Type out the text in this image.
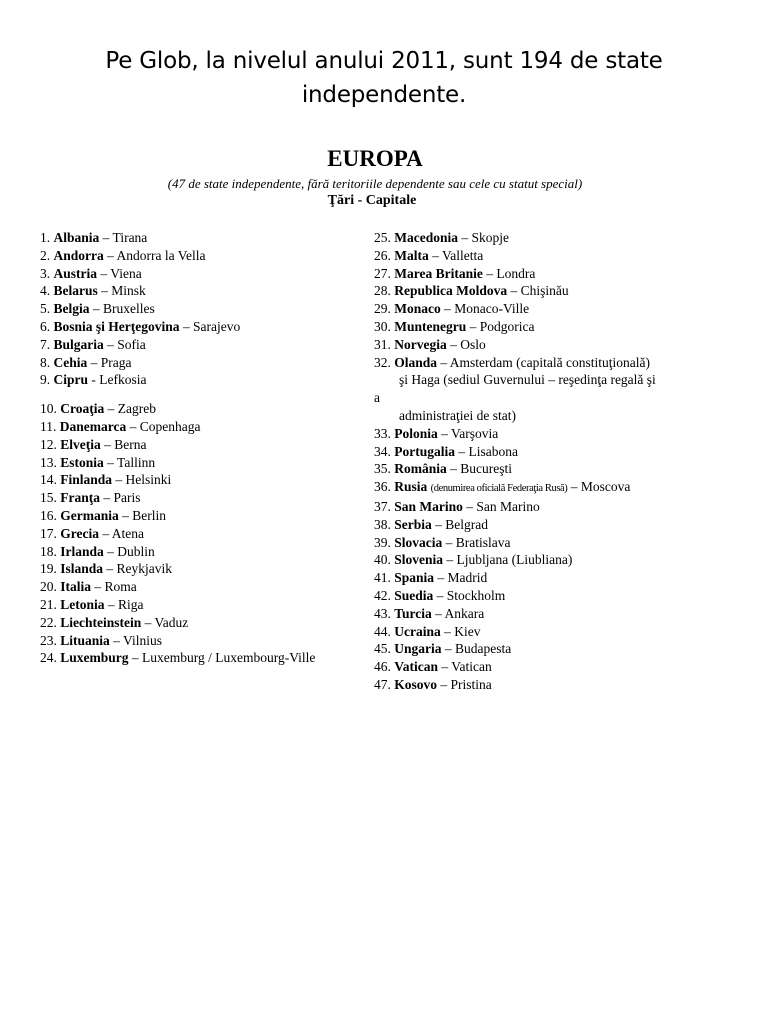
Pe Glob, la nivelul anului 2011, sunt 194 de state
independente.
EUROPA
(47 de state independente, fără teritoriile dependente sau cele cu statut special)
Ţări - Capitale
1. Albania – Tirana
2. Andorra – Andorra la Vella
3. Austria – Viena
4. Belarus – Minsk
5. Belgia – Bruxelles
6. Bosnia şi Herţegovina – Sarajevo
7. Bulgaria – Sofia
8. Cehia – Praga
9. Cipru - Lefkosia
10. Croaţia – Zagreb
11. Danemarca – Copenhaga
12. Elveţia – Berna
13. Estonia – Tallinn
14. Finlanda – Helsinki
15. Franţa – Paris
16. Germania – Berlin
17. Grecia – Atena
18. Irlanda – Dublin
19. Islanda – Reykjavik
20. Italia – Roma
21. Letonia – Riga
22. Liechteinstein – Vaduz
23. Lituania – Vilnius
24. Luxemburg – Luxemburg / Luxembourg-Ville
25. Macedonia – Skopje
26. Malta – Valletta
27. Marea Britanie – Londra
28. Republica Moldova – Chişinău
29. Monaco – Monaco-Ville
30. Muntenegru – Podgorica
31. Norvegia – Oslo
32. Olanda – Amsterdam (capitală constituţională)
şi Haga (sediul Guvernului – reşedinţa regală şi
a
administraţiei de stat)
33. Polonia – Varşovia
34. Portugalia – Lisabona
35. România – Bucureşti
36. Rusia (denumirea oficială Federaţia Rusă) – Moscova
37. San Marino – San Marino
38. Serbia – Belgrad
39. Slovacia – Bratislava
40. Slovenia – Ljubljana (Liubliana)
41. Spania – Madrid
42. Suedia – Stockholm
43. Turcia – Ankara
44. Ucraina – Kiev
45. Ungaria – Budapesta
46. Vatican – Vatican
47. Kosovo – Pristina
